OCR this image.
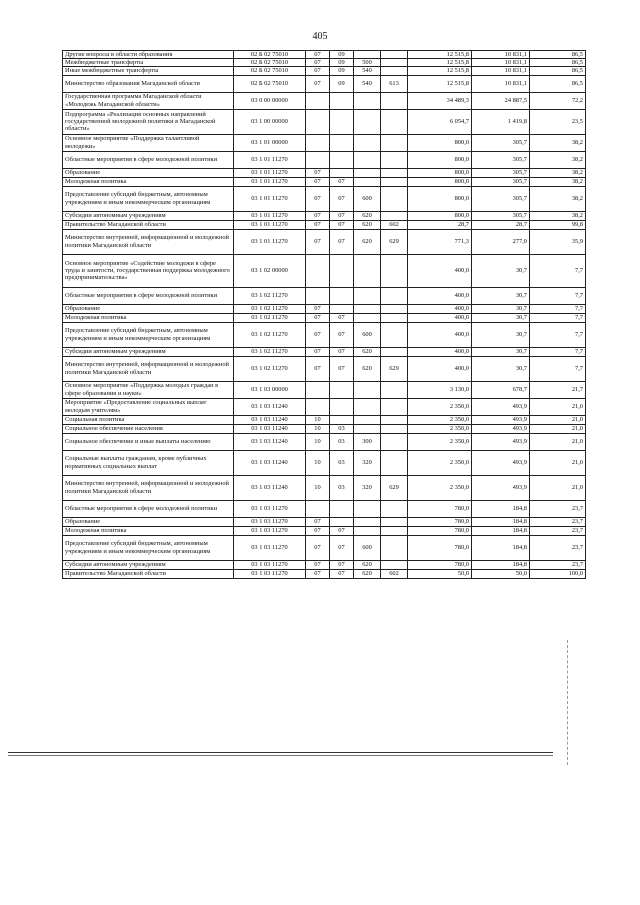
405
Другие вопросы в области образования	02 Б 02 75010	07	09			12 515,8	10 831,1	86,5
Межбюджетные трансферты	02 Б 02 75010	07	09	500		12 515,8	10 831,1	86,5
Иные межбюджетные трансферты	02 Б 02 75010	07	09	540		12 515,8	10 831,1	86,5
Министерство образования Магаданской области	02 Б 02 75010	07	09	540	613	12 515,8	10 831,1	86,5
Государственная программа Магаданской области «Молодежь Магаданской области»	03 0 00 00000					34 489,3	24 887,5	72,2
Подпрограмма «Реализация основных направлений государственной молодежной политики в Магаданской области»	03 1 00 00000					6 054,7	1 419,8	23,5
Основное мероприятие «Поддержка талантливой молодежи»	03 1 01 00000					800,0	305,7	38,2
Областные мероприятия в сфере молодежной политики	03 1 01 11270					800,0	305,7	38,2
Образование	03 1 01 11270	07				800,0	305,7	38,2
Молодежная политика	03 1 01 11270	07	07			800,0	305,7	38,2
Предоставление субсидий бюджетным, автономным учреждениям и иным некоммерческим организациям	03 1 01 11270	07	07	600		800,0	305,7	38,2
Субсидии автономным учреждениям	03 1 01 11270	07	07	620		800,0	305,7	38,2
Правительство Магаданской области	03 1 01 11270	07	07	620	602	28,7	28,7	99,8
Министерство внутренней, информационной и молодежной политики Магаданской области	03 1 01 11270	07	07	620	629	771,3	277,0	35,9
Основное мероприятие «Содействие молодежи в сфере труда и занятости, государственная поддержка молодежного предпринимательства»	03 1 02 00000					400,0	30,7	7,7
Областные мероприятия в сфере молодежной политики	03 1 02 11270					400,0	30,7	7,7
Образование	03 1 02 11270	07				400,0	30,7	7,7
Молодежная политика	03 1 02 11270	07	07			400,0	30,7	7,7
Предоставление субсидий бюджетным, автономным учреждениям и иным некоммерческим организациям	03 1 02 11270	07	07	600		400,0	30,7	7,7
Субсидии автономным учреждениям	03 1 02 11270	07	07	620		400,0	30,7	7,7
Министерство внутренней, информационной и молодежной политики Магаданской области	03 1 02 11270	07	07	620	629	400,0	30,7	7,7
Основное мероприятие «Поддержка молодых граждан в сфере образования и науки»	03 1 03 00000					3 130,0	678,7	21,7
Мероприятие «Предоставление социальных выплат молодым учителям»	03 1 03 11240					2 350,0	493,9	21,0
Социальная политика	03 1 03 11240	10				2 350,0	493,9	21,0
Социальное обеспечение населения	03 1 03 11240	10	03			2 350,0	493,9	21,0
Социальное обеспечение и иные выплаты населению	03 1 03 11240	10	03	300		2 350,0	493,9	21,0
Социальные выплаты гражданам, кроме публичных нормативных социальных выплат	03 1 03 11240	10	03	320		2 350,0	493,9	21,0
Министерство внутренней, информационной и молодежной политики Магаданской области	03 1 03 11240	10	03	320	629	2 350,0	493,9	21,0
Областные мероприятия в сфере молодежной политики	03 1 03 11270					780,0	184,8	23,7
Образование	03 1 03 11270	07				780,0	184,8	23,7
Молодежная политика	03 1 03 11270	07	07			780,0	184,8	23,7
Предоставление субсидий бюджетным, автономным учреждениям и иным некоммерческим организациям	03 1 03 11270	07	07	600		780,0	184,8	23,7
Субсидии автономным учреждениям	03 1 03 11270	07	07	620		780,0	184,8	23,7
Правительство Магаданской области	03 1 03 11270	07	07	620	602	50,0	50,0	100,0
